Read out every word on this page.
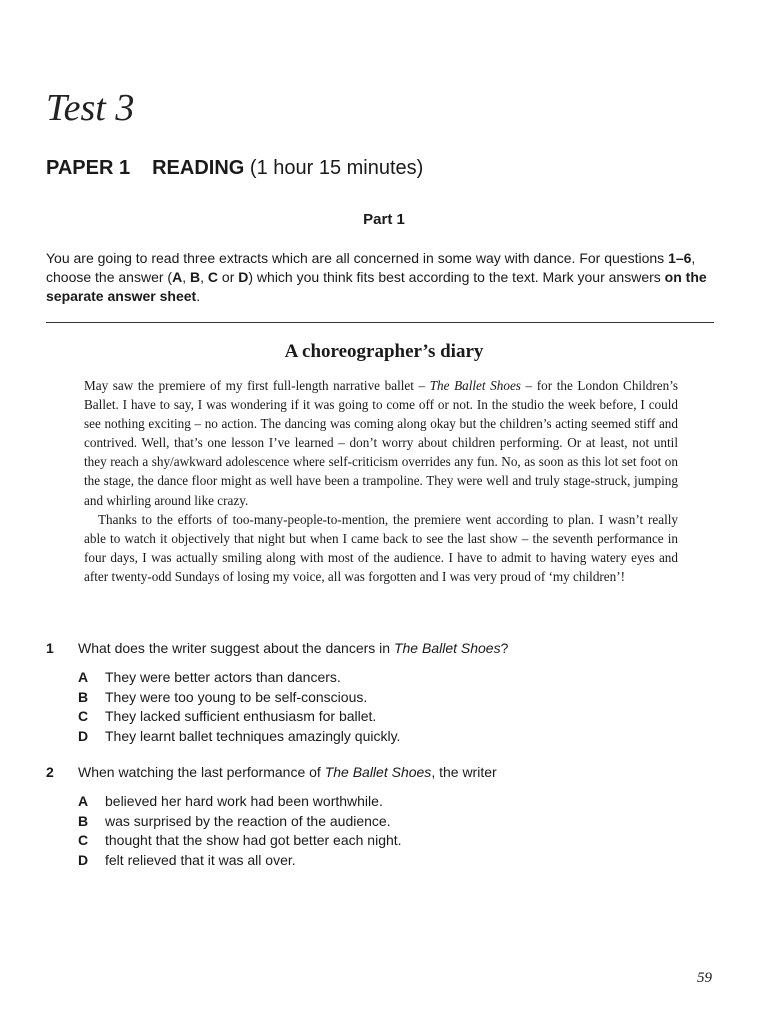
Test 3
PAPER 1 READING (1 hour 15 minutes)
Part 1
You are going to read three extracts which are all concerned in some way with dance. For questions 1–6, choose the answer (A, B, C or D) which you think fits best according to the text. Mark your answers on the separate answer sheet.
A choreographer’s diary

May saw the premiere of my first full-length narrative ballet – The Ballet Shoes – for the London Children’s Ballet. I have to say, I was wondering if it was going to come off or not. In the studio the week before, I could see nothing exciting – no action. The dancing was coming along okay but the children’s acting seemed stiff and contrived. Well, that’s one lesson I’ve learned – don’t worry about children performing. Or at least, not until they reach a shy/awkward adolescence where self-criticism overrides any fun. No, as soon as this lot set foot on the stage, the dance floor might as well have been a trampoline. They were well and truly stage-struck, jumping and whirling around like crazy.

Thanks to the efforts of too-many-people-to-mention, the premiere went according to plan. I wasn’t really able to watch it objectively that night but when I came back to see the last show – the seventh performance in four days, I was actually smiling along with most of the audience. I have to admit to having watery eyes and after twenty-odd Sundays of losing my voice, all was forgotten and I was very proud of ‘my children’!

1 What does the writer suggest about the dancers in The Ballet Shoes?
A They were better actors than dancers.
B They were too young to be self-conscious.
C They lacked sufficient enthusiasm for ballet.
D They learnt ballet techniques amazingly quickly.
2 When watching the last performance of The Ballet Shoes, the writer
A believed her hard work had been worthwhile.
B was surprised by the reaction of the audience.
C thought that the show had got better each night.
D felt relieved that it was all over.
59
